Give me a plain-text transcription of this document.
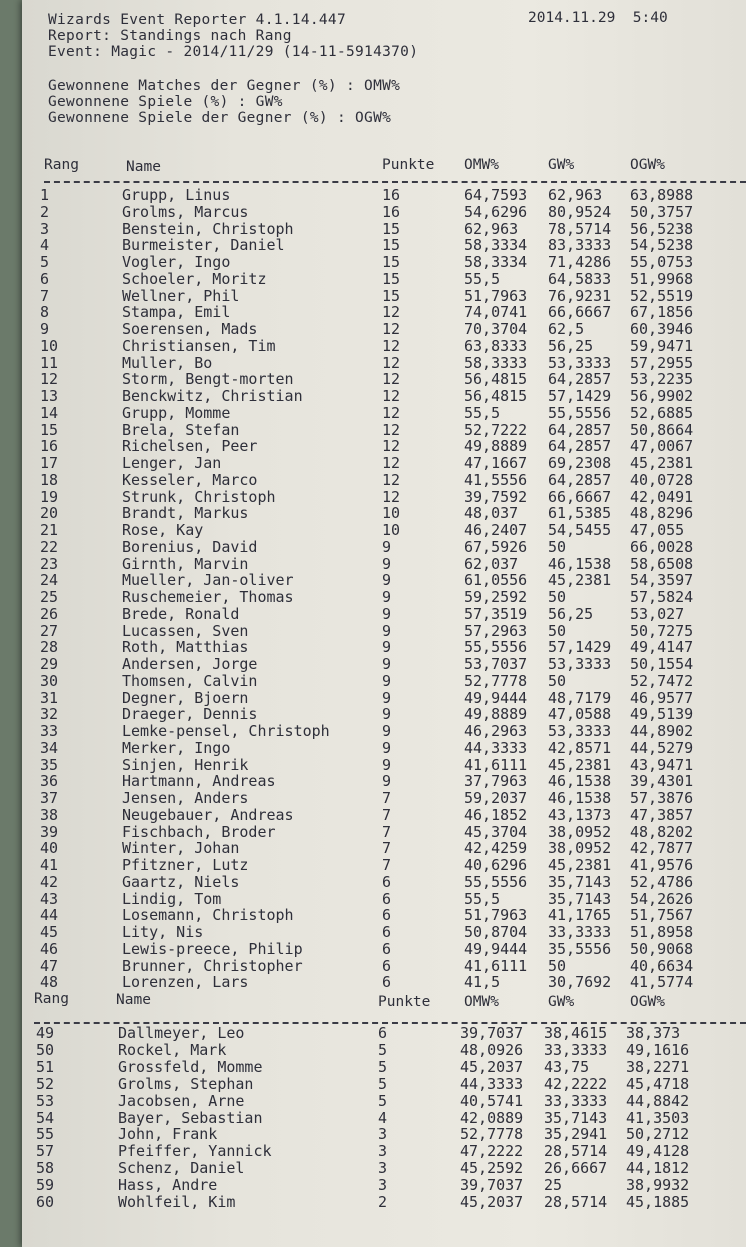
Wizards Event Reporter 4.1.14.447	2014.11.29  5:40
Report: Standings nach Rang
Event: Magic - 2014/11/29 (14-11-5914370)
Gewonnene Matches der Gegner (%) : OMW%
Gewonnene Spiele (%) : GW%
Gewonnene Spiele der Gegner (%) : OGW%
Rang	Name	Punkte OMW%	GW%	OGW%
1	Grupp, Linus	16	64,7593 62,963 63,8988
2	Grolms, Marcus	16	54,6296 80,9524 50,3757
3	Benstein, Christoph	15	62,963 78,5714 56,5238
4	Burmeister, Daniel	15	58,3334 83,3333 54,5238
5	Vogler, Ingo	15	58,3334 71,4286 55,0753
6	Schoeler, Moritz	15	55,5	64,5833 51,9968
7	Wellner, Phil	15	51,7963 76,9231 52,5519
8	Stampa, Emil	12	74,0741 66,6667 67,1856
9	Soerensen, Mads	12	70,3704 62,5	60,3946
10	Christiansen, Tim	12	63,8333 56,25 59,9471
11	Muller, Bo	12	58,3333 53,3333 57,2955
12	Storm, Bengt-morten	12	56,4815 64,2857 53,2235
13	Benckwitz, Christian	12	56,4815 57,1429 56,9902
14	Grupp, Momme	12	55,5	55,5556 52,6885
15	Brela, Stefan	12	52,7222 64,2857 50,8664
16	Richelsen, Peer	12	49,8889 64,2857 47,0067
17	Lenger, Jan	12	47,1667 69,2308 45,2381
18	Kesseler, Marco	12	41,5556 64,2857 40,0728
19	Strunk, Christoph	12	39,7592 66,6667 42,0491
20	Brandt, Markus	10	48,037 61,5385 48,8296
21	Rose, Kay	10	46,2407 54,5455 47,055
22	Borenius, David	9	67,5926 50	66,0028
23	Girnth, Marvin	9	62,037 46,1538 58,6508
24	Mueller, Jan-oliver	9	61,0556 45,2381 54,3597
25	Ruschemeier, Thomas	9	59,2592 50	57,5824
26	Brede, Ronald	9	57,3519 56,25 53,027
27	Lucassen, Sven	9	57,2963 50	50,7275
28	Roth, Matthias	9	55,5556 57,1429 49,4147
29	Andersen, Jorge	9	53,7037 53,3333 50,1554
30	Thomsen, Calvin	9	52,7778 50	52,7472
31	Degner, Bjoern	9	49,9444 48,7179 46,9577
32	Draeger, Dennis	9	49,8889 47,0588 49,5139
33	Lemke-pensel, Christoph	9	46,2963 53,3333 44,8902
34	Merker, Ingo	9	44,3333 42,8571 44,5279
35	Sinjen, Henrik	9	41,6111 45,2381 43,9471
36	Hartmann, Andreas	9	37,7963 46,1538 39,4301
37	Jensen, Anders	7	59,2037 46,1538 57,3876
38	Neugebauer, Andreas	7	46,1852 43,1373 47,3857
39	Fischbach, Broder	7	45,3704 38,0952 48,8202
40	Winter, Johan	7	42,4259 38,0952 42,7877
41	Pfitzner, Lutz	7	40,6296 45,2381 41,9576
42	Gaartz, Niels	6	55,5556 35,7143 52,4786
43	Lindig, Tom	6	55,5	35,7143 54,2626
44	Losemann, Christoph	6	51,7963 41,1765 51,7567
45	Lity, Nis	6	50,8704 33,3333 51,8958
46	Lewis-preece, Philip	6	49,9444 35,5556 50,9068
47	Brunner, Christopher	6	41,6111 50	40,6634
48	Lorenzen, Lars	6	41,5	30,7692 41,5774
Rang	Name	Punkte OMW%	GW%	OGW%
49	Dallmeyer, Leo	6	39,7037 38,4615 38,373
50	Rockel, Mark	5	48,0926 33,3333 49,1616
51	Grossfeld, Momme	5	45,2037 43,75 38,2271
52	Grolms, Stephan	5	44,3333 42,2222 45,4718
53	Jacobsen, Arne	5	40,5741 33,3333 44,8842
54	Bayer, Sebastian	4	42,0889 35,7143 41,3503
55	John, Frank	3	52,7778 35,2941 50,2712
57	Pfeiffer, Yannick	3	47,2222 28,5714 49,4128
58	Schenz, Daniel	3	45,2592 26,6667 44,1812
59	Hass, Andre	3	39,7037 25	38,9932
60	Wohlfeil, Kim	2	45,2037 28,5714 45,1885
